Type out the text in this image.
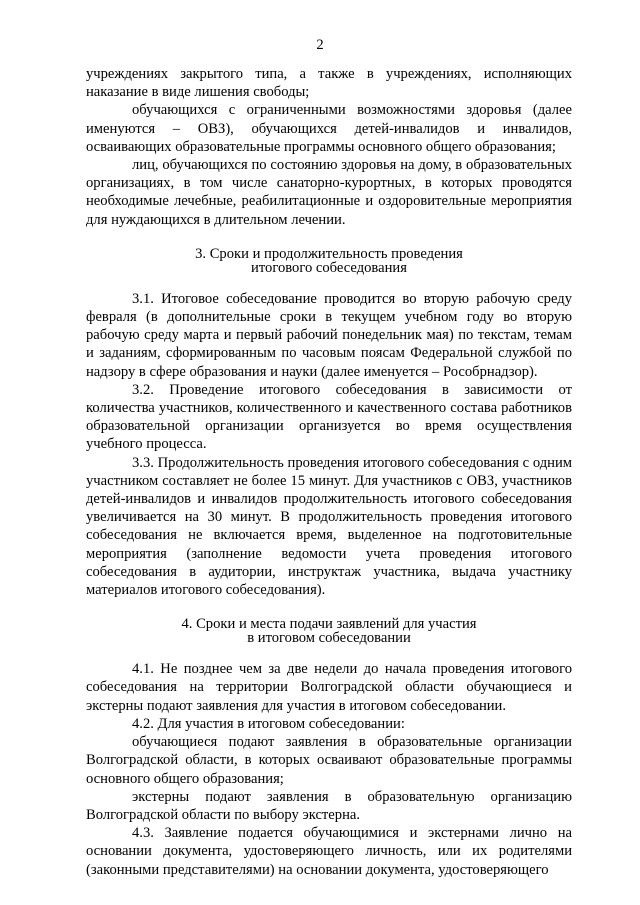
2

учреждениях закрытого типа, а также в учреждениях, исполняющих наказание в виде лишения свободы;

обучающихся с ограниченными возможностями здоровья (далее именуются – ОВЗ), обучающихся детей-инвалидов и инвалидов, осваивающих образовательные программы основного общего образования;

лиц, обучающихся по состоянию здоровья на дому, в образовательных организациях, в том числе санаторно-курортных, в которых проводятся необходимые лечебные, реабилитационные и оздоровительные мероприятия для нуждающихся в длительном лечении.

3. Сроки и продолжительность проведения
итогового собеседования

3.1. Итоговое собеседование проводится во вторую рабочую среду февраля (в дополнительные сроки в текущем учебном году во вторую рабочую среду марта и первый рабочий понедельник мая) по текстам, темам и заданиям, сформированным по часовым поясам Федеральной службой по надзору в сфере образования и науки (далее именуется – Рособрнадзор).

3.2. Проведение итогового собеседования в зависимости от количества участников, количественного и качественного состава работников образовательной организации организуется во время осуществления учебного процесса.

3.3. Продолжительность проведения итогового собеседования с одним участником составляет не более 15 минут. Для участников с ОВЗ, участников детей-инвалидов и инвалидов продолжительность итогового собеседования увеличивается на 30 минут. В продолжительность проведения итогового собеседования не включается время, выделенное на подготовительные мероприятия (заполнение ведомости учета проведения итогового собеседования в аудитории, инструктаж участника, выдача участнику материалов итогового собеседования).

4. Сроки и места подачи заявлений для участия
в итоговом собеседовании

4.1. Не позднее чем за две недели до начала проведения итогового собеседования на территории Волгоградской области обучающиеся и экстерны подают заявления для участия в итоговом собеседовании.

4.2. Для участия в итоговом собеседовании:

обучающиеся подают заявления в образовательные организации Волгоградской области, в которых осваивают образовательные программы основного общего образования;

экстерны подают заявления в образовательную организацию Волгоградской области по выбору экстерна.

4.3. Заявление подается обучающимися и экстернами лично на основании документа, удостоверяющего личность, или их родителями (законными представителями) на основании документа, удостоверяющего
